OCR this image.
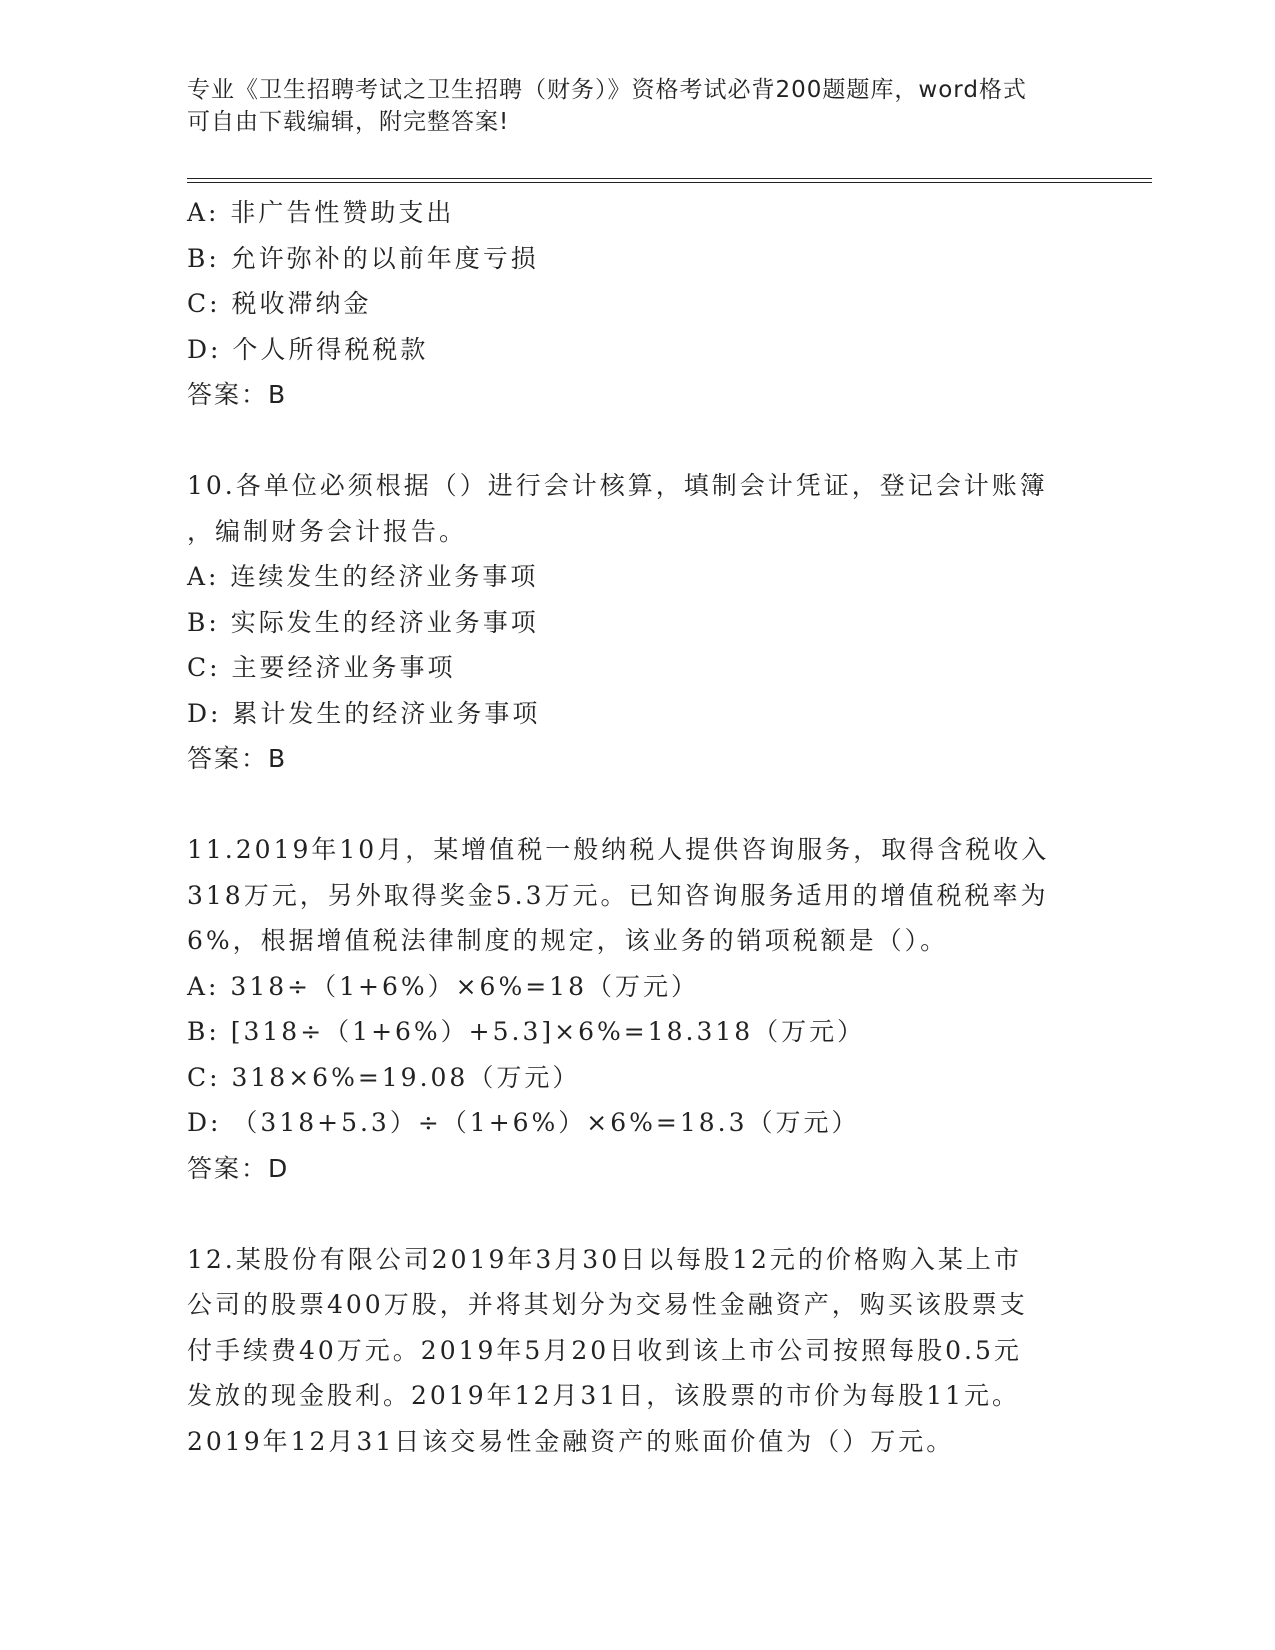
专业《卫生招聘考试之卫生招聘（财务）》资格考试必背200题题库，word格式
可自由下载编辑，附完整答案!
A: 非广告性赞助支出
B: 允许弥补的以前年度亏损
C: 税收滞纳金
D: 个人所得税税款
答案：B
10.各单位必须根据（）进行会计核算，填制会计凭证，登记会计账簿
，编制财务会计报告。
A: 连续发生的经济业务事项
B: 实际发生的经济业务事项
C: 主要经济业务事项
D: 累计发生的经济业务事项
答案：B
11.2019年10月，某增值税一般纳税人提供咨询服务，取得含税收入
318万元，另外取得奖金5.3万元。已知咨询服务适用的增值税税率为
6%，根据增值税法律制度的规定，该业务的销项税额是（）。
A: 318÷（1+6%）×6%=18（万元）
B: [318÷（1+6%）+5.3]×6%=18.318（万元）
C: 318×6%=19.08（万元）
D: （318+5.3）÷（1+6%）×6%=18.3（万元）
答案：D
12.某股份有限公司2019年3月30日以每股12元的价格购入某上市
公司的股票400万股，并将其划分为交易性金融资产，购买该股票支
付手续费40万元。2019年5月20日收到该上市公司按照每股0.5元
发放的现金股利。2019年12月31日，该股票的市价为每股11元。
2019年12月31日该交易性金融资产的账面价值为（）万元。
